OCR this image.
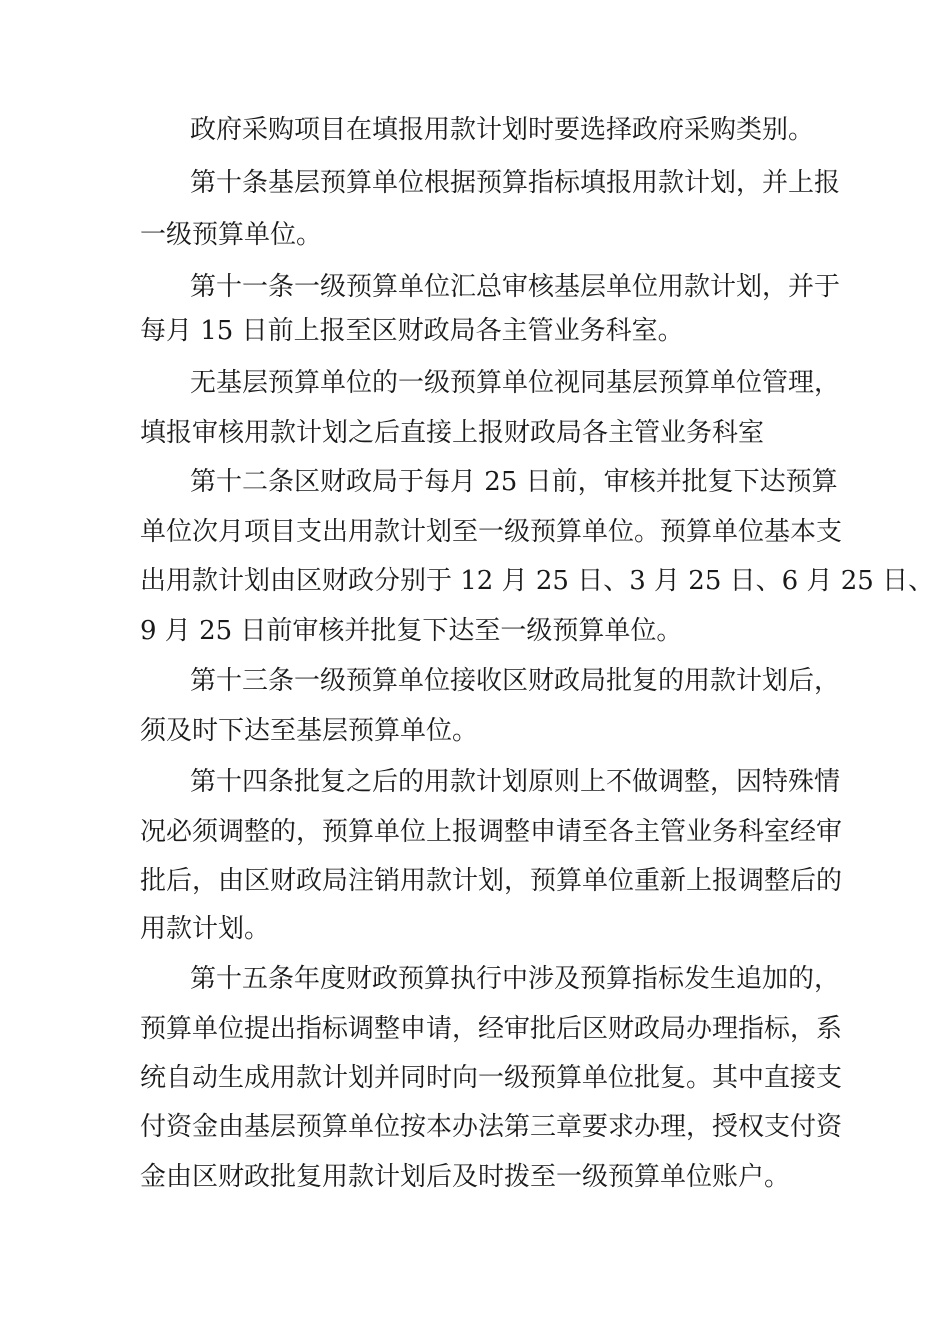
政府采购项目在填报用款计划时要选择政府采购类别。
第十条基层预算单位根据预算指标填报用款计划，并上报
一级预算单位。
第十一条一级预算单位汇总审核基层单位用款计划，并于
每月 15 日前上报至区财政局各主管业务科室。
无基层预算单位的一级预算单位视同基层预算单位管理，
填报审核用款计划之后直接上报财政局各主管业务科室
第十二条区财政局于每月 25 日前，审核并批复下达预算
单位次月项目支出用款计划至一级预算单位。预算单位基本支
出用款计划由区财政分别于 12 月 25 日、3 月 25 日、6 月 25 日、
9 月 25 日前审核并批复下达至一级预算单位。
第十三条一级预算单位接收区财政局批复的用款计划后，
须及时下达至基层预算单位。
第十四条批复之后的用款计划原则上不做调整，因特殊情
况必须调整的，预算单位上报调整申请至各主管业务科室经审
批后，由区财政局注销用款计划，预算单位重新上报调整后的
用款计划。
第十五条年度财政预算执行中涉及预算指标发生追加的，
预算单位提出指标调整申请，经审批后区财政局办理指标，系
统自动生成用款计划并同时向一级预算单位批复。其中直接支
付资金由基层预算单位按本办法第三章要求办理，授权支付资
金由区财政批复用款计划后及时拨至一级预算单位账户。
